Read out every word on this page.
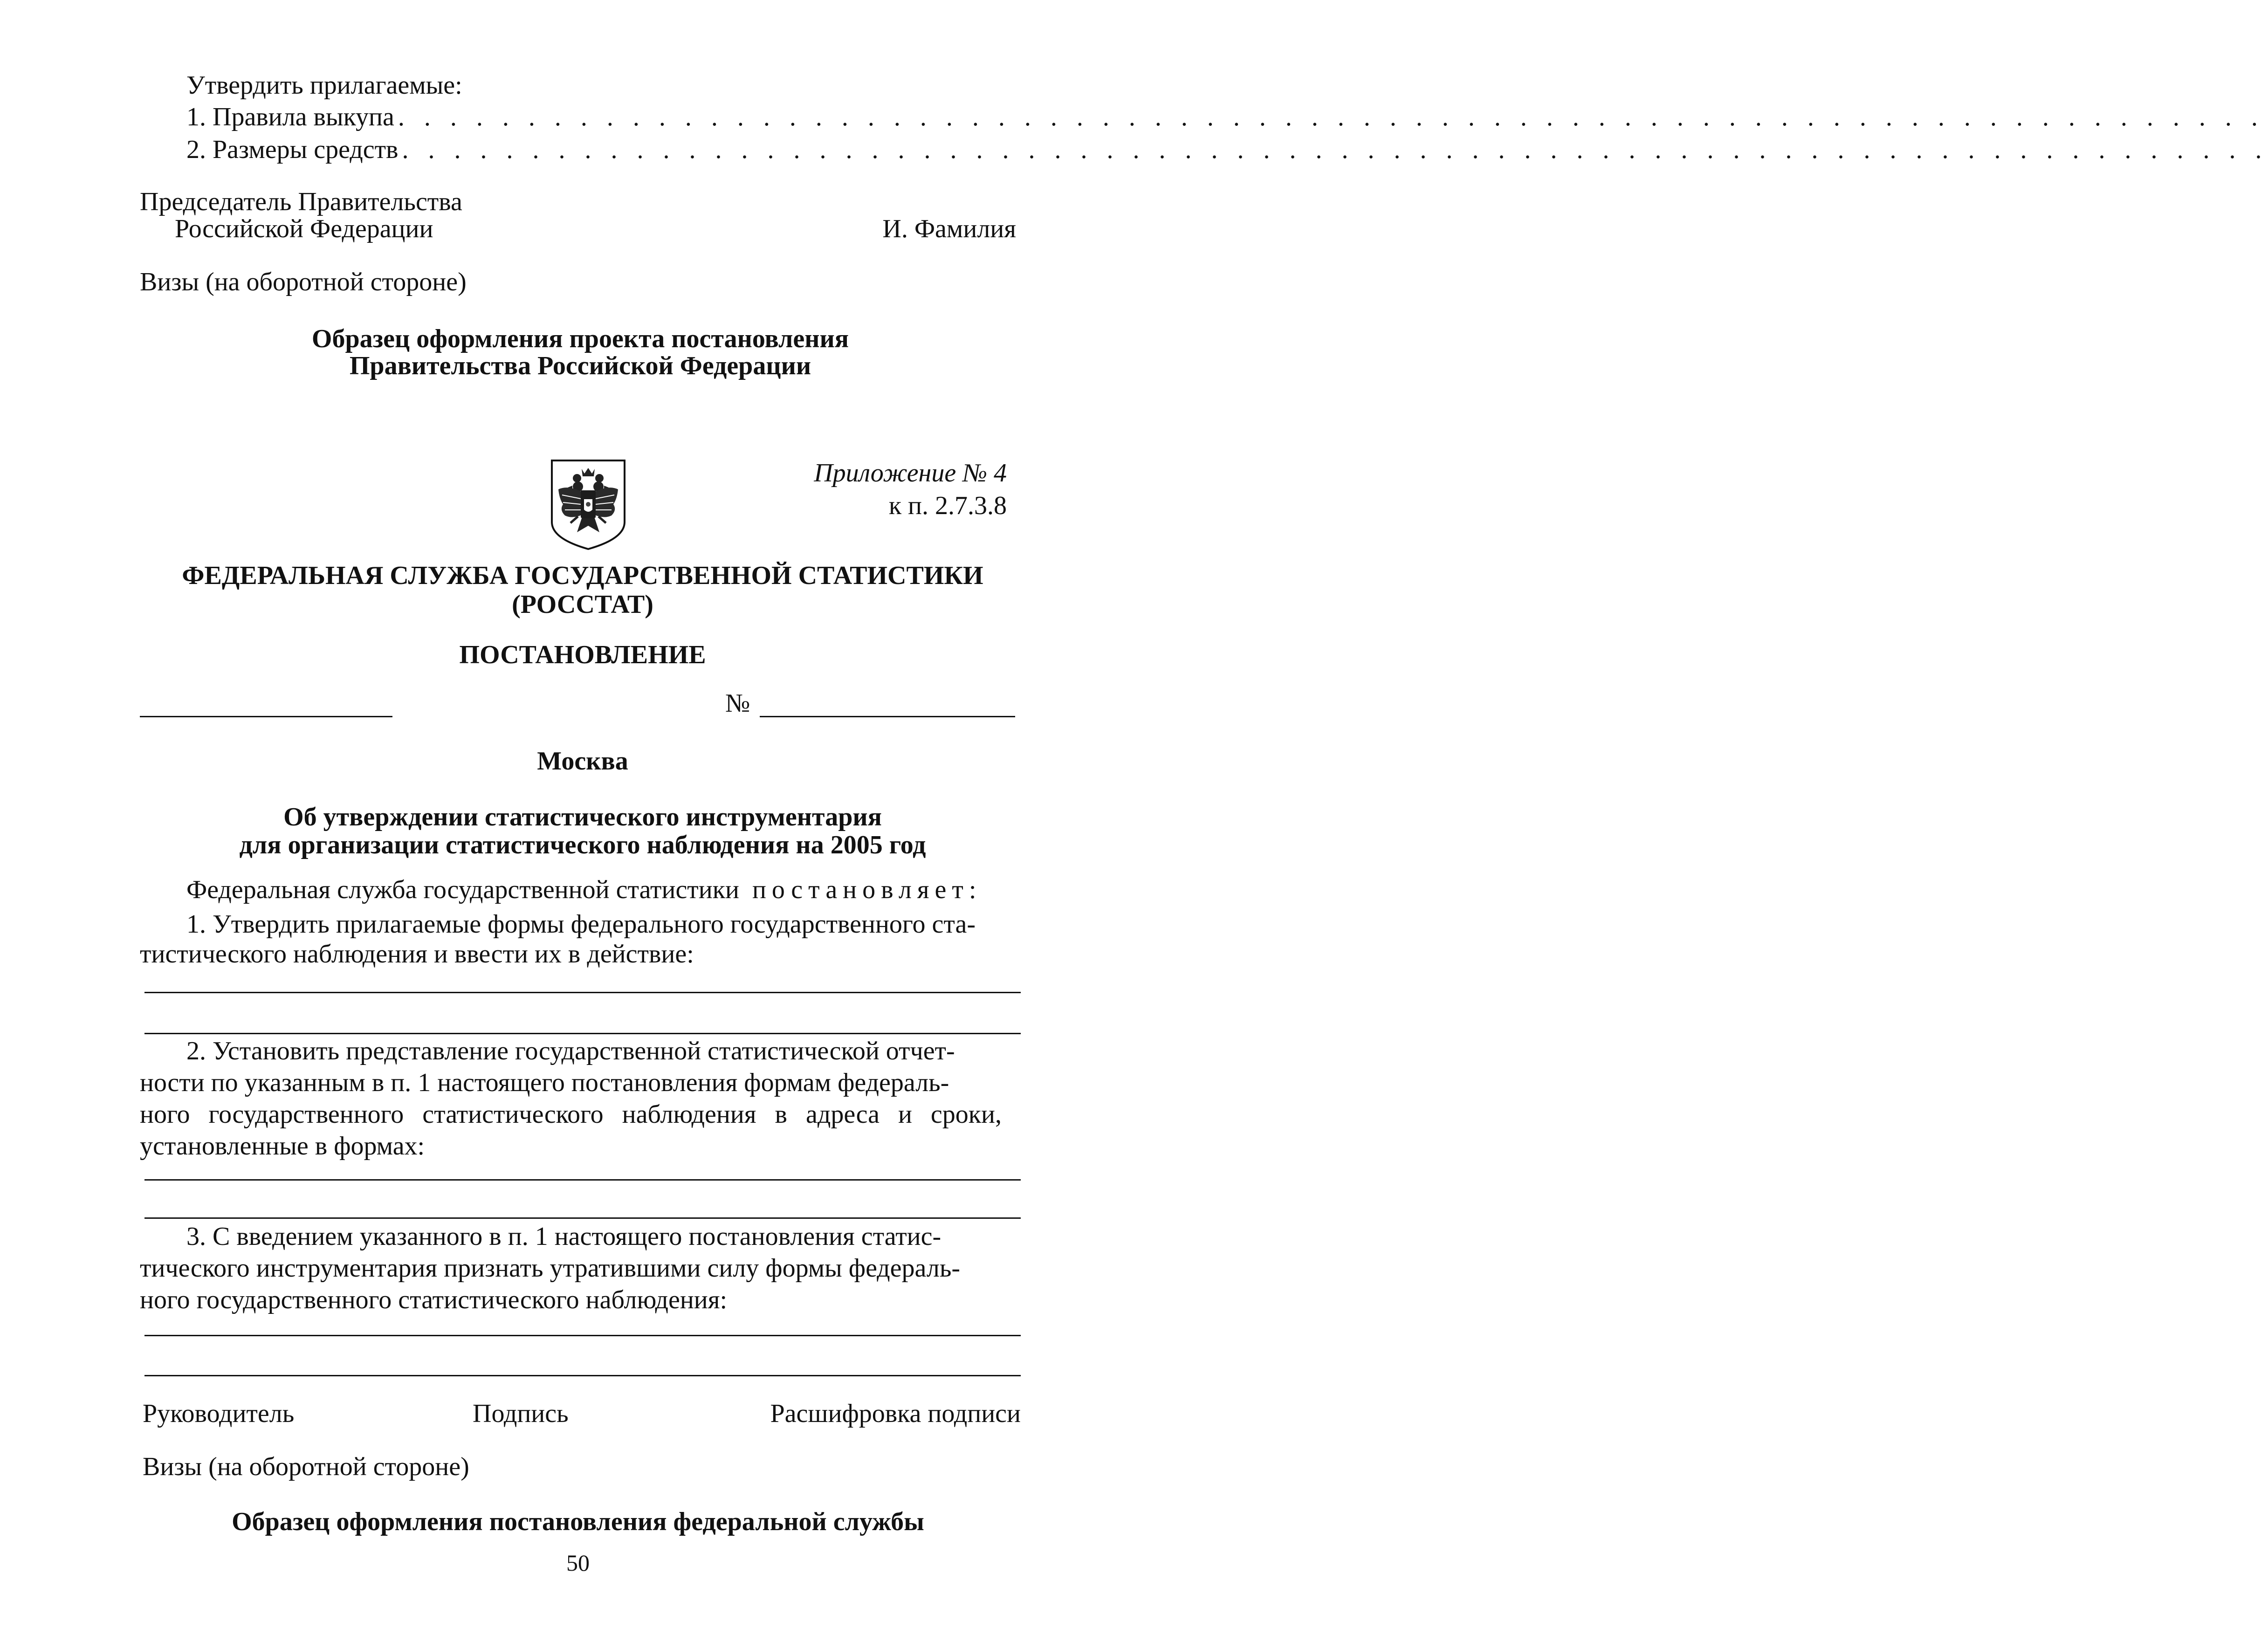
Утвердить прилагаемые:
1. Правила выкупа . . . . . . . . . . . . . . . . . . . . . . . . . . . . . . . . . . . . . . . . . . . . . . . . . . . . . . . . . . . . . . . . . . . . . . . .
2. Размеры средств . . . . . . . . . . . . . . . . . . . . . . . . . . . . . . . . . . . . . . . . . . . . . . . . . . . . . . . . . . . . . . . . . . . . . . . .
Председатель Правительства
Российской Федерации	И. Фамилия
Визы (на оборотной стороне)
Образец оформления проекта постановления
Правительства Российской Федерации
Приложение № 4
к п. 2.7.3.8
ФЕДЕРАЛЬНАЯ СЛУЖБА ГОСУДАРСТВЕННОЙ СТАТИСТИКИ
(РОССТАТ)
ПОСТАНОВЛЕНИЕ
№
Москва
Об утверждении статистического инструментария
для организации статистического наблюдения на 2005 год
Федеральная служба государственной статистики постановляет:
1. Утвердить прилагаемые формы федерального государственного ста-
тистического наблюдения и ввести их в действие:
2. Установить представление государственной статистической отчет-
ности по указанным в п. 1 настоящего постановления формам федераль-
ного государственного статистического наблюдения в адреса и сроки,
установленные в формах:
3. С введением указанного в п. 1 настоящего постановления статис-
тического инструментария признать утратившими силу формы федераль-
ного государственного статистического наблюдения:
Руководитель	Подпись	Расшифровка подписи
Визы (на оборотной стороне)
Образец оформления постановления федеральной службы
50
